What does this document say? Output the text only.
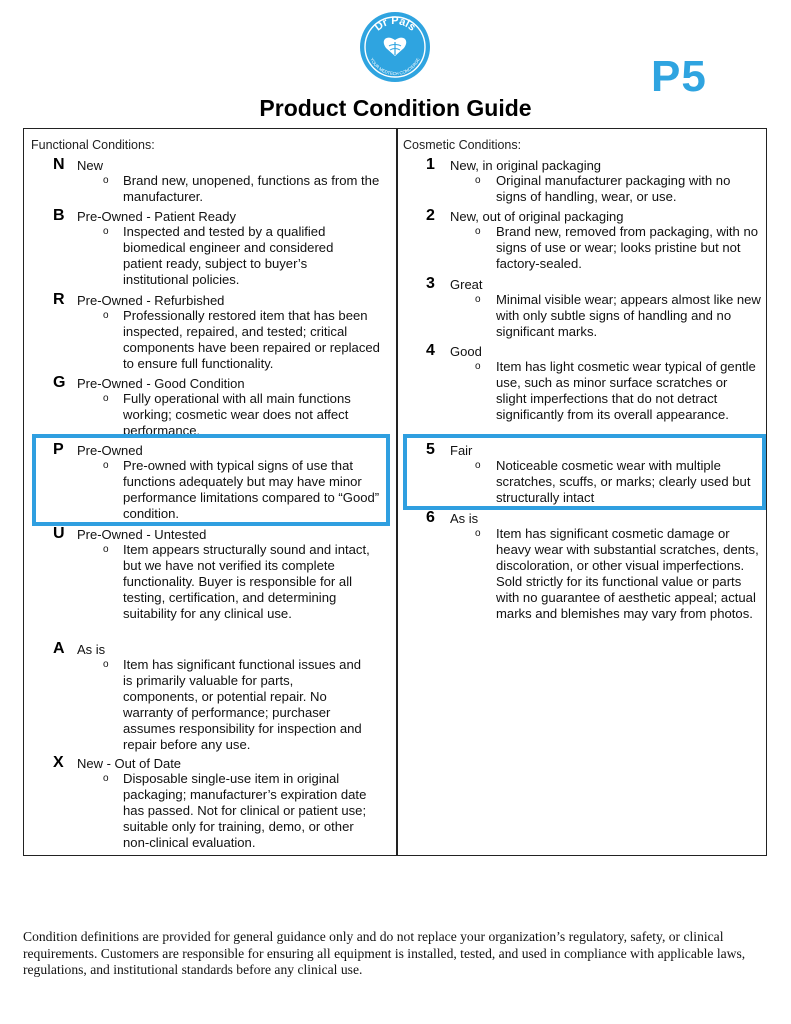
Dr Pals
YOUR MEDTECH CONCIERGE	P5
Product Condition Guide
Functional Conditions:	Cosmetic Conditions:
N New
o Brand new, unopened, functions as from the manufacturer.
B Pre-Owned - Patient Ready
o Inspected and tested by a qualified biomedical engineer and considered patient ready, subject to buyer’s institutional policies.
R Pre-Owned - Refurbished
o Professionally restored item that has been inspected, repaired, and tested; critical components have been repaired or replaced to ensure full functionality.
G Pre-Owned - Good Condition
o Fully operational with all main functions working; cosmetic wear does not affect performance.
P Pre-Owned
o Pre-owned with typical signs of use that functions adequately but may have minor performance limitations compared to “Good” condition.
U Pre-Owned - Untested
o Item appears structurally sound and intact, but we have not verified its complete functionality. Buyer is responsible for all testing, certification, and determining suitability for any clinical use.
A As is
o Item has significant functional issues and is primarily valuable for parts, components, or potential repair. No warranty of performance; purchaser assumes responsibility for inspection and repair before any use.
X New - Out of Date
o Disposable single-use item in original packaging; manufacturer’s expiration date has passed. Not for clinical or patient use; suitable only for training, demo, or other non-clinical evaluation.
1 New, in original packaging
o Original manufacturer packaging with no signs of handling, wear, or use.
2 New, out of original packaging
o Brand new, removed from packaging, with no signs of use or wear; looks pristine but not factory-sealed.
3 Great
o Minimal visible wear; appears almost like new with only subtle signs of handling and no significant marks.
4 Good
o Item has light cosmetic wear typical of gentle use, such as minor surface scratches or slight imperfections that do not detract significantly from its overall appearance.
5 Fair
o Noticeable cosmetic wear with multiple scratches, scuffs, or marks; clearly used but structurally intact
6 As is
o Item has significant cosmetic damage or heavy wear with substantial scratches, dents, discoloration, or other visual imperfections. Sold strictly for its functional value or parts with no guarantee of aesthetic appeal; actual marks and blemishes may vary from photos.
Condition definitions are provided for general guidance only and do not replace your organization’s regulatory, safety, or clinical requirements. Customers are responsible for ensuring all equipment is installed, tested, and used in compliance with applicable laws, regulations, and institutional standards before any clinical use.
